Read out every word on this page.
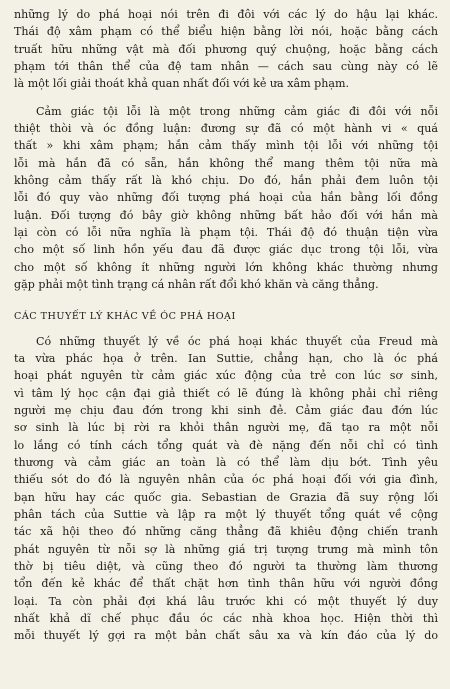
những lý do phá hoại nói trên đi đôi với các lý do hậu lại khác.
Thái độ xâm phạm có thể biểu hiện bằng lời nói, hoặc bằng cách
truất hữu những vật mà đối phương quý chuộng, hoặc bằng cách
phạm tới thân thể của đệ tam nhân — cách sau cùng này có lẽ
là một lối giải thoát khả quan nhất đối với kẻ ưa xâm phạm.
Cảm giác tội lỗi là một trong những cảm giác đi đôi với nỗi
thiệt thòi và óc đồng luận: đương sự đã có một hành vi « quá
thất » khi xâm phạm; hắn cảm thấy mình tội lỗi với những tội
lỗi mà hắn đã có sẵn, hắn không thể mang thêm tội nữa mà
không cảm thấy rất là khó chịu. Do đó, hắn phải đem luôn tội
lỗi đó quy vào những đối tượng phá hoại của hắn bằng lối đồng
luận. Đối tượng đó bây giờ không những bất hảo đối với hắn mà
lại còn có lỗi nữa nghĩa là phạm tội. Thái độ đó thuận tiện vừa
cho một số linh hồn yếu đau đã được giác dục trong tội lỗi, vừa
cho một số không ít những người lớn không khác thường nhưng
gặp phải một tình trạng cá nhân rất đổi khó khăn và căng thẳng.
CÁC THUYẾT LÝ KHÁC VỀ ÓC PHÁ HOẠI
Có những thuyết lý về óc phá hoại khác thuyết của Freud mà
ta vừa phác họa ở trên. Ian Suttie, chẳng hạn, cho là óc phá
hoại phát nguyên từ cảm giác xúc động của trẻ con lúc sơ sinh,
vì tâm lý học cận đại giả thiết có lẽ đúng là không phải chỉ riêng
người mẹ chịu đau đớn trong khi sinh đẻ. Cảm giác đau đớn lúc
sơ sinh là lúc bị rời ra khỏi thân người mẹ, đã tạo ra một nỗi
lo lắng có tính cách tổng quát và đè nặng đến nỗi chỉ có tình
thương và cảm giác an toàn là có thể làm dịu bớt. Tình yêu
thiếu sót do đó là nguyên nhân của óc phá hoại đối với gia đình,
bạn hữu hay các quốc gia. Sebastian de Grazia đã suy rộng lối
phân tách của Suttie và lập ra một lý thuyết tổng quát về cộng
tác xã hội theo đó những căng thẳng đã khiêu động chiến tranh
phát nguyên từ nỗi sợ là những giá trị tượng trưng mà mình tôn
thờ bị tiêu diệt, và cũng theo đó người ta thường làm thương
tổn đến kẻ khác để thất chặt hơn tình thân hữu với người đồng
loại. Ta còn phải đợi khá lâu trước khi có một thuyết lý duy
nhất khả dĩ chế phục đầu óc các nhà khoa học. Hiện thời thì
mỗi thuyết lý gợi ra một bản chất sâu xa và kín đáo của lý do
